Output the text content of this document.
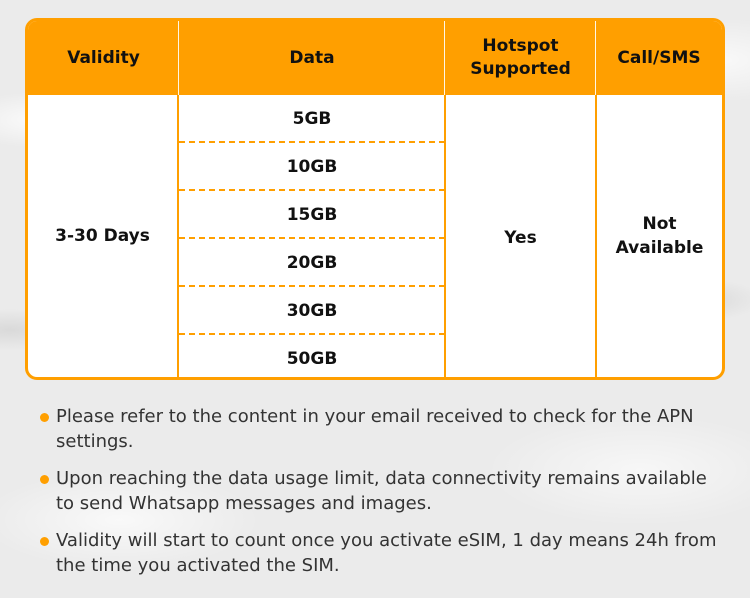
Validity	Data
Hotspot
Supported
Call/SMS
3-30 Days
5GB
10GB
15GB
20GB
30GB
50GB
Yes
Not
Available
Please refer to the content in your email received to check for the APN settings.
Upon reaching the data usage limit, data connectivity remains available to send Whatsapp messages and images.
Validity will start to count once you activate eSIM, 1 day means 24h from the time you activated the SIM.
